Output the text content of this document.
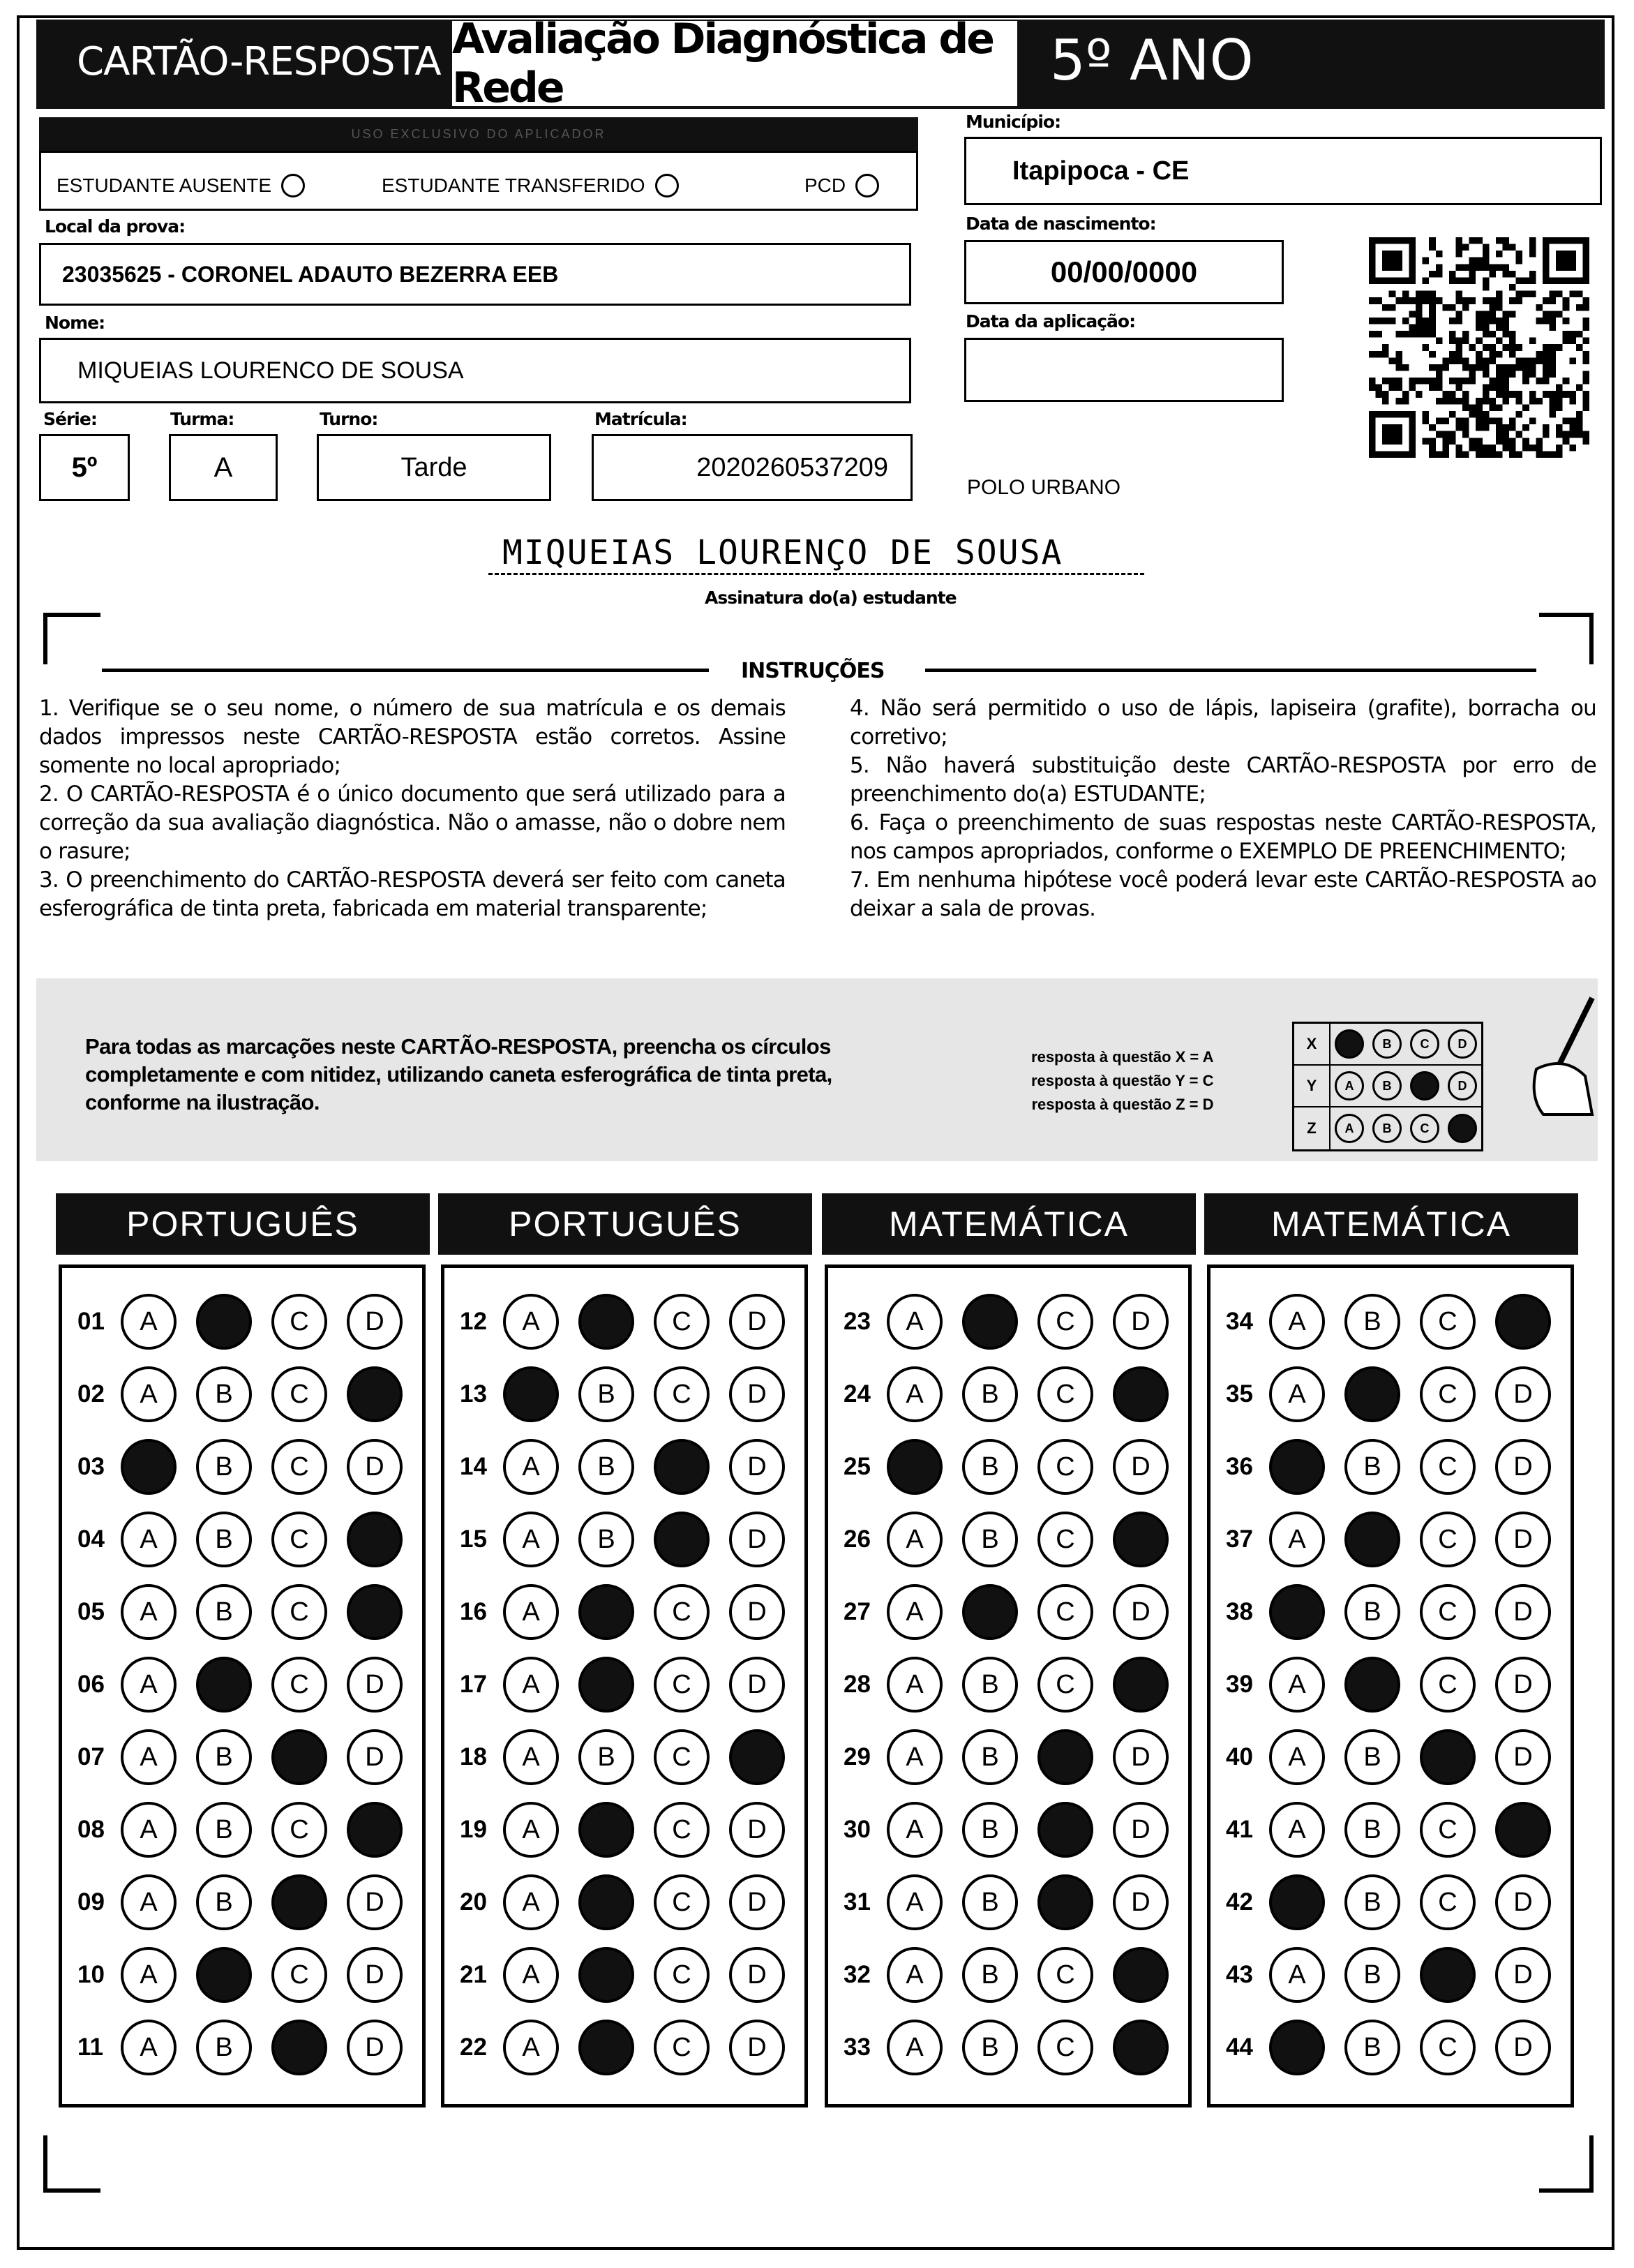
CARTÃO-RESPOSTA Avaliação Diagnóstica de Rede	5º ANO
USO EXCLUSIVO DO APLICADOR
ESTUDANTE AUSENTE	ESTUDANTE TRANSFERIDO	PCD
Município:
Itapipoca - CE
Local da prova:
23035625 - CORONEL ADAUTO BEZERRA EEB
Data de nascimento:
00/00/0000
Nome:
MIQUEIAS LOURENCO DE SOUSA
Data da aplicação:
Série:
5º
Turma:
A
Turno:
Tarde
Matrícula:
2020260537209
POLO URBANO
MIQUEIAS LOURENÇO DE SOUSA
Assinatura do(a) estudante
INSTRUÇÕES
1. Verifique se o seu nome, o número de sua matrícula e os demais dados impressos neste CARTÃO-RESPOSTA estão corretos. Assine somente no local apropriado;
2. O CARTÃO-RESPOSTA é o único documento que será utilizado para a correção da sua avaliação diagnóstica. Não o amasse, não o dobre nem o rasure;
3. O preenchimento do CARTÃO-RESPOSTA deverá ser feito com caneta esferográfica de tinta preta, fabricada em material transparente;
4. Não será permitido o uso de lápis, lapiseira (grafite), borracha ou corretivo;
5. Não haverá substituição deste CARTÃO-RESPOSTA por erro de preenchimento do(a) ESTUDANTE;
6. Faça o preenchimento de suas respostas neste CARTÃO-RESPOSTA, nos campos apropriados, conforme o EXEMPLO DE PREENCHIMENTO;
7. Em nenhuma hipótese você poderá levar este CARTÃO-RESPOSTA ao deixar a sala de provas.
Para todas as marcações neste CARTÃO-RESPOSTA, preencha os círculos completamente e com nitidez, utilizando caneta esferográfica de tinta preta, conforme na ilustração.
resposta à questão X = A
resposta à questão Y = C
resposta à questão Z = D
X	B	C	D
Y	A	B	D
Z	A	B	C
PORTUGUÊS
01	A	C	D
02	A	B	C
03	B	C	D
04	A	B	C
05	A	B	C
06	A	C	D
07	A	B	D
08	A	B	C
09	A	B	D
10	A	C	D
11	A	B	D
PORTUGUÊS
12	A	C	D
13	B	C	D
14	A	B	D
15	A	B	D
16	A	C	D
17	A	C	D
18	A	B	C
19	A	C	D
20	A	C	D
21	A	C	D
22	A	C	D
MATEMÁTICA
23	A	C	D
24	A	B	C
25	B	C	D
26	A	B	C
27	A	C	D
28	A	B	C
29	A	B	D
30	A	B	D
31	A	B	D
32	A	B	C
33	A	B	C
MATEMÁTICA
34	A	B	C
35	A	C	D
36	B	C	D
37	A	C	D
38	B	C	D
39	A	C	D
40	A	B	D
41	A	B	C
42	B	C	D
43	A	B	D
44	B	C	D
